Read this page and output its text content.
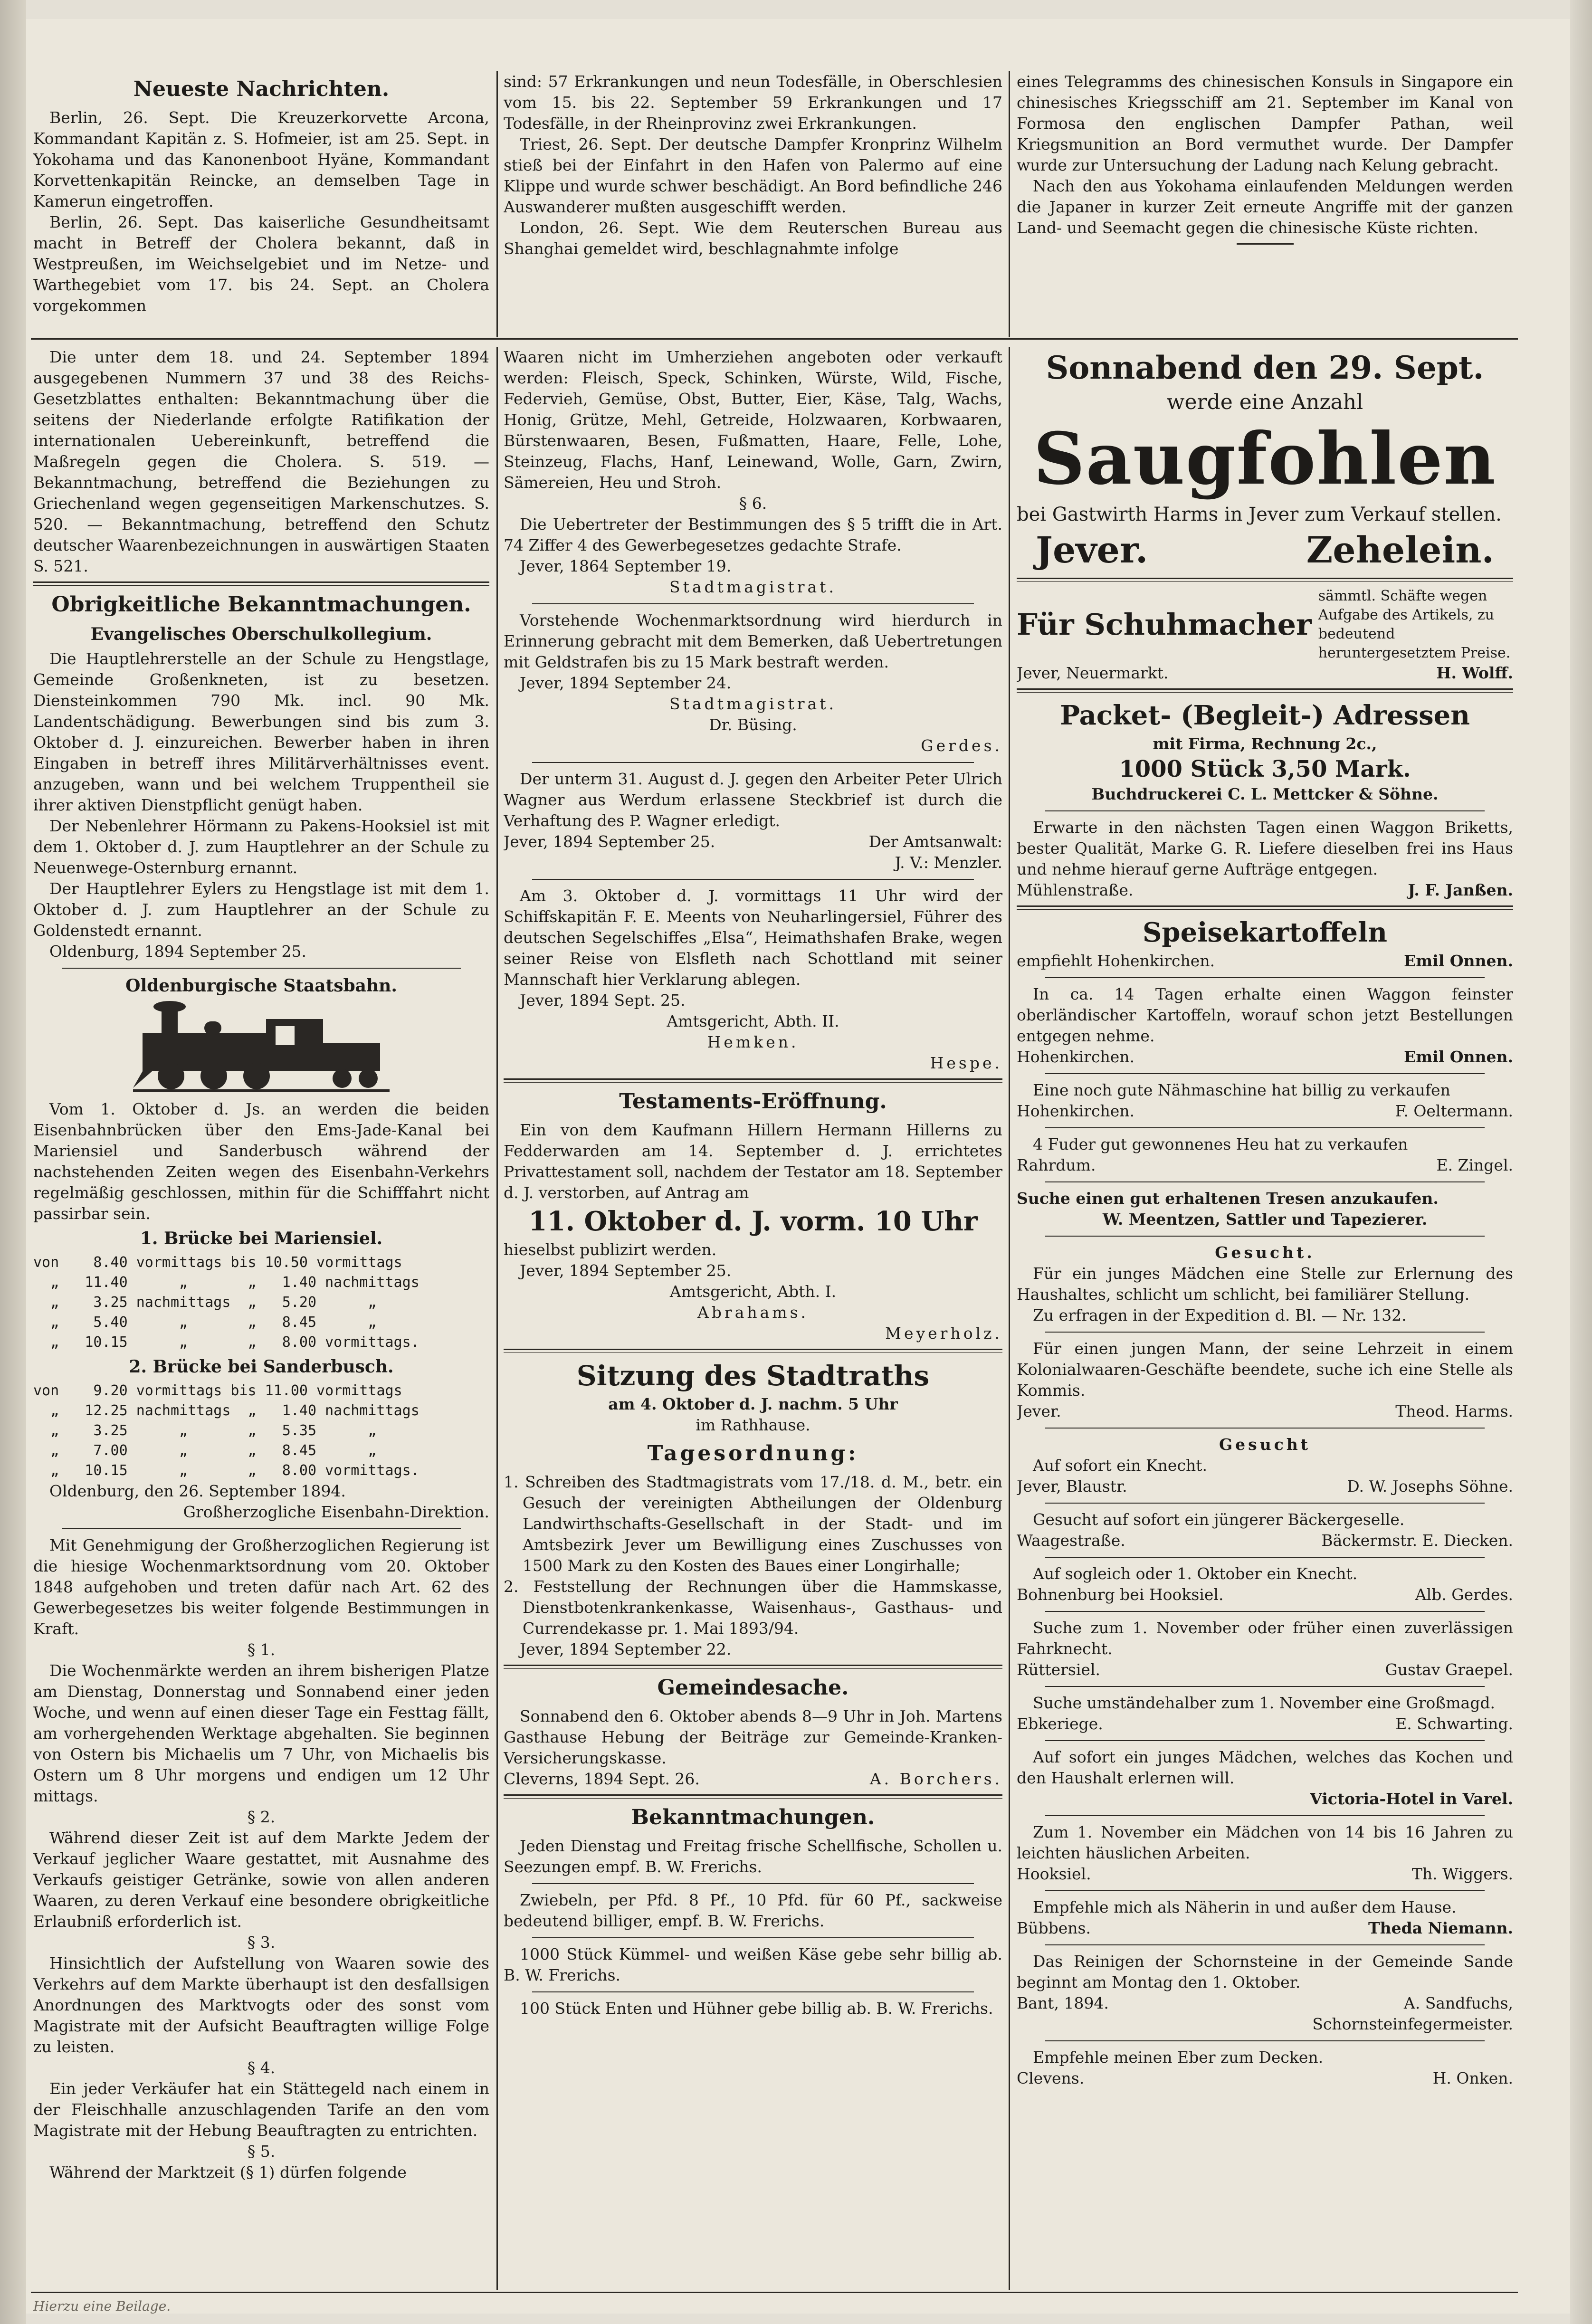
Neueste Nachrichten.

Berlin, 26. Sept. Die Kreuzerkorvette Arcona, Kommandant Kapitän z. S. Hofmeier, ist am 25. Sept. in Yokohama und das Kanonenboot Hyäne, Kommandant Korvettenkapitän Reincke, an demselben Tage in Kamerun eingetroffen.

Berlin, 26. Sept. Das kaiserliche Gesundheitsamt macht in Betreff der Cholera bekannt, daß in Westpreußen, im Weichselgebiet und im Netze- und Warthegebiet vom 17. bis 24. Sept. an Cholera vorgekommen

sind: 57 Erkrankungen und neun Todesfälle, in Oberschlesien vom 15. bis 22. September 59 Erkrankungen und 17 Todesfälle, in der Rheinprovinz zwei Erkrankungen.

Triest, 26. Sept. Der deutsche Dampfer Kronprinz Wilhelm stieß bei der Einfahrt in den Hafen von Palermo auf eine Klippe und wurde schwer beschädigt. An Bord befindliche 246 Auswanderer mußten ausgeschifft werden.

London, 26. Sept. Wie dem Reuterschen Bureau aus Shanghai gemeldet wird, beschlagnahmte infolge

eines Telegramms des chinesischen Konsuls in Singapore ein chinesisches Kriegsschiff am 21. September im Kanal von Formosa den englischen Dampfer Pathan, weil Kriegsmunition an Bord vermuthet wurde. Der Dampfer wurde zur Untersuchung der Ladung nach Kelung gebracht.

Nach den aus Yokohama einlaufenden Meldungen werden die Japaner in kurzer Zeit erneute Angriffe mit der ganzen Land- und Seemacht gegen die chinesische Küste richten.

Die unter dem 18. und 24. September 1894 ausgegebenen Nummern 37 und 38 des Reichs-Gesetzblattes enthalten: Bekanntmachung über die seitens der Niederlande erfolgte Ratifikation der internationalen Uebereinkunft, betreffend die Maßregeln gegen die Cholera. S. 519. — Bekanntmachung, betreffend die Beziehungen zu Griechenland wegen gegenseitigen Markenschutzes. S. 520. — Bekanntmachung, betreffend den Schutz deutscher Waarenbezeichnungen in auswärtigen Staaten S. 521.

Obrigkeitliche Bekanntmachungen.
Evangelisches Oberschulkollegium.

Die Hauptlehrerstelle an der Schule zu Hengstlage, Gemeinde Großenkneten, ist zu besetzen. Diensteinkommen 790 Mk. incl. 90 Mk. Landentschädigung. Bewerbungen sind bis zum 3. Oktober d. J. einzureichen. Bewerber haben in ihren Eingaben in betreff ihres Militärverhältnisses event. anzugeben, wann und bei welchem Truppentheil sie ihrer aktiven Dienstpflicht genügt haben.

Der Nebenlehrer Hörmann zu Pakens-Hooksiel ist mit dem 1. Oktober d. J. zum Hauptlehrer an der Schule zu Neuenwege-Osternburg ernannt.

Der Hauptlehrer Eylers zu Hengstlage ist mit dem 1. Oktober d. J. zum Hauptlehrer an der Schule zu Goldenstedt ernannt.

Oldenburg, 1894 September 25.

Oldenburgische Staatsbahn.

Vom 1. Oktober d. Js. an werden die beiden Eisenbahnbrücken über den Ems-Jade-Kanal bei Mariensiel und Sanderbusch während der nachstehenden Zeiten wegen des Eisenbahn-Verkehrs regelmäßig geschlossen, mithin für die Schifffahrt nicht passirbar sein.

1. Brücke bei Mariensiel.
von    8.40 vormittags bis 10.50 vormittags
„   11.40      „       „   1.40 nachmittags
„    3.25 nachmittags  „   5.20      „
„    5.40      „       „   8.45      „
„   10.15      „       „   8.00 vormittags.
2. Brücke bei Sanderbusch.
von    9.20 vormittags bis 11.00 vormittags
„   12.25 nachmittags  „   1.40 nachmittags
„    3.25      „       „   5.35      „
„    7.00      „       „   8.45      „
„   10.15      „       „   8.00 vormittags.

Oldenburg, den 26. September 1894.

Großherzogliche Eisenbahn-Direktion.

Mit Genehmigung der Großherzoglichen Regierung ist die hiesige Wochenmarktsordnung vom 20. Oktober 1848 aufgehoben und treten dafür nach Art. 62 des Gewerbegesetzes bis weiter folgende Bestimmungen in Kraft.

§ 1.

Die Wochenmärkte werden an ihrem bisherigen Platze am Dienstag, Donnerstag und Sonnabend einer jeden Woche, und wenn auf einen dieser Tage ein Festtag fällt, am vorhergehenden Werktage abgehalten. Sie beginnen von Ostern bis Michaelis um 7 Uhr, von Michaelis bis Ostern um 8 Uhr morgens und endigen um 12 Uhr mittags.

§ 2.

Während dieser Zeit ist auf dem Markte Jedem der Verkauf jeglicher Waare gestattet, mit Ausnahme des Verkaufs geistiger Getränke, sowie von allen anderen Waaren, zu deren Verkauf eine besondere obrigkeitliche Erlaubniß erforderlich ist.

§ 3.

Hinsichtlich der Aufstellung von Waaren sowie des Verkehrs auf dem Markte überhaupt ist den desfallsigen Anordnungen des Marktvogts oder des sonst vom Magistrate mit der Aufsicht Beauftragten willige Folge zu leisten.

§ 4.

Ein jeder Verkäufer hat ein Stättegeld nach einem in der Fleischhalle anzuschlagenden Tarife an den vom Magistrate mit der Hebung Beauftragten zu entrichten.

§ 5.

Während der Marktzeit (§ 1) dürfen folgende

Waaren nicht im Umherziehen angeboten oder verkauft werden: Fleisch, Speck, Schinken, Würste, Wild, Fische, Federvieh, Gemüse, Obst, Butter, Eier, Käse, Talg, Wachs, Honig, Grütze, Mehl, Getreide, Holzwaaren, Korbwaaren, Bürstenwaaren, Besen, Fußmatten, Haare, Felle, Lohe, Steinzeug, Flachs, Hanf, Leinewand, Wolle, Garn, Zwirn, Sämereien, Heu und Stroh.

§ 6.

Die Uebertreter der Bestimmungen des § 5 trifft die in Art. 74 Ziffer 4 des Gewerbegesetzes gedachte Strafe.

Jever, 1864 September 19.

Stadtmagistrat.

Vorstehende Wochenmarktsordnung wird hierdurch in Erinnerung gebracht mit dem Bemerken, daß Uebertretungen mit Geldstrafen bis zu 15 Mark bestraft werden.

Jever, 1894 September 24.

Stadtmagistrat.

Dr. Büsing.

Gerdes.

Der unterm 31. August d. J. gegen den Arbeiter Peter Ulrich Wagner aus Werdum erlassene Steckbrief ist durch die Verhaftung des P. Wagner erledigt.

Jever, 1894 September 25.	Der Amtsanwalt:

J. V.: Menzler.

Am 3. Oktober d. J. vormittags 11 Uhr wird der Schiffskapitän F. E. Meents von Neuharlingersiel, Führer des deutschen Segelschiffes „Elsa“, Heimathshafen Brake, wegen seiner Reise von Elsfleth nach Schottland mit seiner Mannschaft hier Verklarung ablegen.

Jever, 1894 Sept. 25.

Amtsgericht, Abth. II.

Hemken.

Hespe.

Testaments-Eröffnung.

Ein von dem Kaufmann Hillern Hermann Hillerns zu Fedderwarden am 14. September d. J. errichtetes Privattestament soll, nachdem der Testator am 18. September d. J. verstorben, auf Antrag am

11. Oktober d. J. vorm. 10 Uhr

hieselbst publizirt werden.

Jever, 1894 September 25.

Amtsgericht, Abth. I.

Abrahams.

Meyerholz.

Sitzung des Stadtraths

am 4. Oktober d. J. nachm. 5 Uhr

im Rathhause.

Tagesordnung:

1. Schreiben des Stadtmagistrats vom 17./18. d. M., betr. ein Gesuch der vereinigten Abtheilungen der Oldenburg Landwirthschafts-Gesellschaft in der Stadt- und im Amtsbezirk Jever um Bewilligung eines Zuschusses von 1500 Mark zu den Kosten des Baues einer Longirhalle;

2. Feststellung der Rechnungen über die Hammskasse, Dienstbotenkrankenkasse, Waisenhaus-, Gasthaus- und Currendekasse pr. 1. Mai 1893/94.

Jever, 1894 September 22.

Gemeindesache.

Sonnabend den 6. Oktober abends 8—9 Uhr in Joh. Martens Gasthause Hebung der Beiträge zur Gemeinde-Kranken-Versicherungskasse.

Cleverns, 1894 Sept. 26.	A. Borchers.
Bekanntmachungen.

Jeden Dienstag und Freitag frische Schellfische, Schollen u. Seezungen empf. B. W. Frerichs.

Zwiebeln, per Pfd. 8 Pf., 10 Pfd. für 60 Pf., sackweise bedeutend billiger, empf. B. W. Frerichs.

1000 Stück Kümmel- und weißen Käse gebe sehr billig ab. B. W. Frerichs.

100 Stück Enten und Hühner gebe billig ab. B. W. Frerichs.

Sonnabend den 29. Sept.

werde eine Anzahl

Saugfohlen

bei Gastwirth Harms in Jever zum Verkauf stellen.

Jever.	Zehelein.
Für Schuhmacher
sämmtl. Schäfte wegen Aufgabe des Artikels, zu bedeutend heruntergesetztem Preise.
Jever, Neuermarkt.	H. Wolff.
Packet- (Begleit-) Adressen

mit Firma, Rechnung 2c.,

1000 Stück 3,50 Mark.

Buchdruckerei C. L. Mettcker & Söhne.

Erwarte in den nächsten Tagen einen Waggon Briketts, bester Qualität, Marke G. R. Liefere dieselben frei ins Haus und nehme hierauf gerne Aufträge entgegen.

Mühlenstraße.	J. F. Janßen.
Speisekartoffeln
empfiehlt Hohenkirchen.	Emil Onnen.

In ca. 14 Tagen erhalte einen Waggon feinster oberländischer Kartoffeln, worauf schon jetzt Bestellungen entgegen nehme.

Hohenkirchen.	Emil Onnen.

Eine noch gute Nähmaschine hat billig zu verkaufen

Hohenkirchen.	F. Oeltermann.

4 Fuder gut gewonnenes Heu hat zu verkaufen

Rahrdum.	E. Zingel.

Suche einen gut erhaltenen Tresen anzukaufen.

W. Meentzen, Sattler und Tapezierer.

Gesucht.

Für ein junges Mädchen eine Stelle zur Erlernung des Haushaltes, schlicht um schlicht, bei familiärer Stellung.

Zu erfragen in der Expedition d. Bl. — Nr. 132.

Für einen jungen Mann, der seine Lehrzeit in einem Kolonialwaaren-Geschäfte beendete, suche ich eine Stelle als Kommis.

Jever.	Theod. Harms.

Gesucht

Auf sofort ein Knecht.

Jever, Blaustr.	D. W. Josephs Söhne.

Gesucht auf sofort ein jüngerer Bäckergeselle.

Waagestraße.	Bäckermstr. E. Diecken.

Auf sogleich oder 1. Oktober ein Knecht.

Bohnenburg bei Hooksiel.	Alb. Gerdes.

Suche zum 1. November oder früher einen zuverlässigen Fahrknecht.

Rüttersiel.	Gustav Graepel.

Suche umständehalber zum 1. November eine Großmagd.

Ebkeriege.	E. Schwarting.

Auf sofort ein junges Mädchen, welches das Kochen und den Haushalt erlernen will.

Victoria-Hotel in Varel.

Zum 1. November ein Mädchen von 14 bis 16 Jahren zu leichten häuslichen Arbeiten.

Hooksiel.	Th. Wiggers.

Empfehle mich als Näherin in und außer dem Hause.

Bübbens.	Theda Niemann.

Das Reinigen der Schornsteine in der Gemeinde Sande beginnt am Montag den 1. Oktober.

Bant, 1894.	A. Sandfuchs,

Schornsteinfegermeister.

Empfehle meinen Eber zum Decken.

Clevens.	H. Onken.
Hierzu eine Beilage.
